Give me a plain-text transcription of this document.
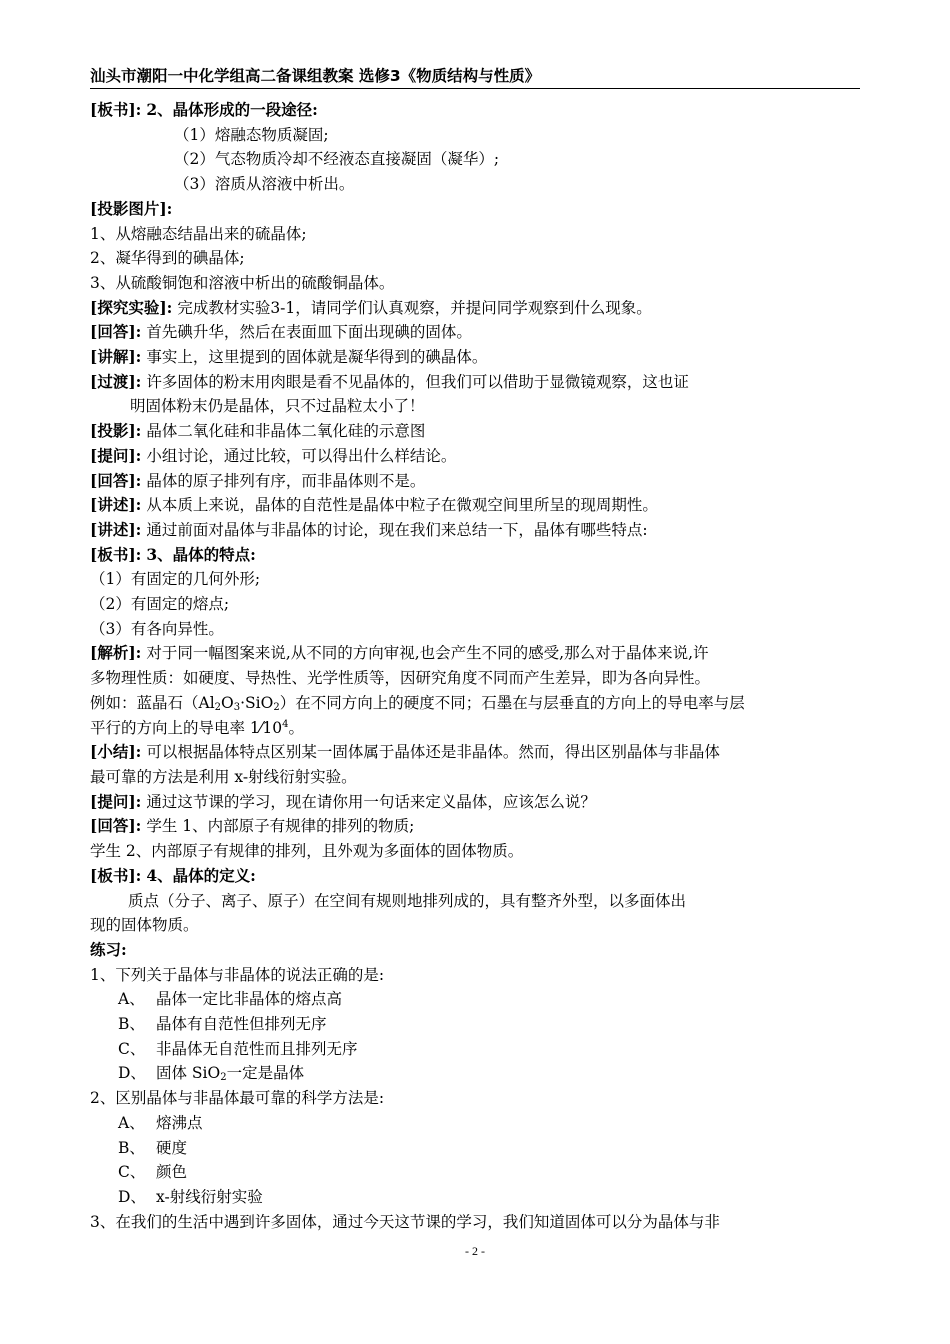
汕头市潮阳一中化学组高二备课组教案 选修3《物质结构与性质》
[板书]: 2、晶体形成的一段途径:
（1）熔融态物质凝固;
（2）气态物质冷却不经液态直接凝固（凝华）;
（3）溶质从溶液中析出。
[投影图片]:
1、从熔融态结晶出来的硫晶体;
2、凝华得到的碘晶体;
3、从硫酸铜饱和溶液中析出的硫酸铜晶体。
[探究实验]: 完成教材实验3-1，请同学们认真观察，并提问同学观察到什么现象。
[回答]: 首先碘升华，然后在表面皿下面出现碘的固体。
[讲解]: 事实上，这里提到的固体就是凝华得到的碘晶体。
[过渡]: 许多固体的粉末用肉眼是看不见晶体的，但我们可以借助于显微镜观察，这也证
明固体粉末仍是晶体，只不过晶粒太小了！
[投影]: 晶体二氧化硅和非晶体二氧化硅的示意图
[提问]: 小组讨论，通过比较，可以得出什么样结论。
[回答]: 晶体的原子排列有序，而非晶体则不是。
[讲述]: 从本质上来说，晶体的自范性是晶体中粒子在微观空间里所呈的现周期性。
[讲述]: 通过前面对晶体与非晶体的讨论，现在我们来总结一下，晶体有哪些特点:
[板书]: 3、晶体的特点:
（1）有固定的几何外形;
（2）有固定的熔点;
（3）有各向异性。
[解析]: 对于同一幅图案来说,从不同的方向审视,也会产生不同的感受,那么对于晶体来说,许
多物理性质：如硬度、导热性、光学性质等，因研究角度不同而产生差异，即为各向异性。
例如：蓝晶石$(Al_2O_3\cdot SiO_2)$在不同方向上的硬度不同；石墨在与层垂直的方向上的导电率与层
平行的方向上的导电率 $1⁄10^4$。
[小结]: 可以根据晶体特点区别某一固体属于晶体还是非晶体。然而，得出区别晶体与非晶体
最可靠的方法是利用 x-射线衍射实验。
[提问]: 通过这节课的学习，现在请你用一句话来定义晶体，应该怎么说？
[回答]: 学生 1、内部原子有规律的排列的物质;
学生 2、内部原子有规律的排列，且外观为多面体的固体物质。
[板书]: 4、晶体的定义:
质点（分子、离子、原子）在空间有规则地排列成的，具有整齐外型，以多面体出
现的固体物质。
练习:
1、下列关于晶体与非晶体的说法正确的是:
A、 晶体一定比非晶体的熔点高
B、 晶体有自范性但排列无序
C、 非晶体无自范性而且排列无序
D、 固体 SiO$_2$一定是晶体
2、区别晶体与非晶体最可靠的科学方法是:
A、 熔沸点
B、 硬度
C、 颜色
D、 x-射线衍射实验
3、在我们的生活中遇到许多固体，通过今天这节课的学习，我们知道固体可以分为晶体与非
- 2 -
